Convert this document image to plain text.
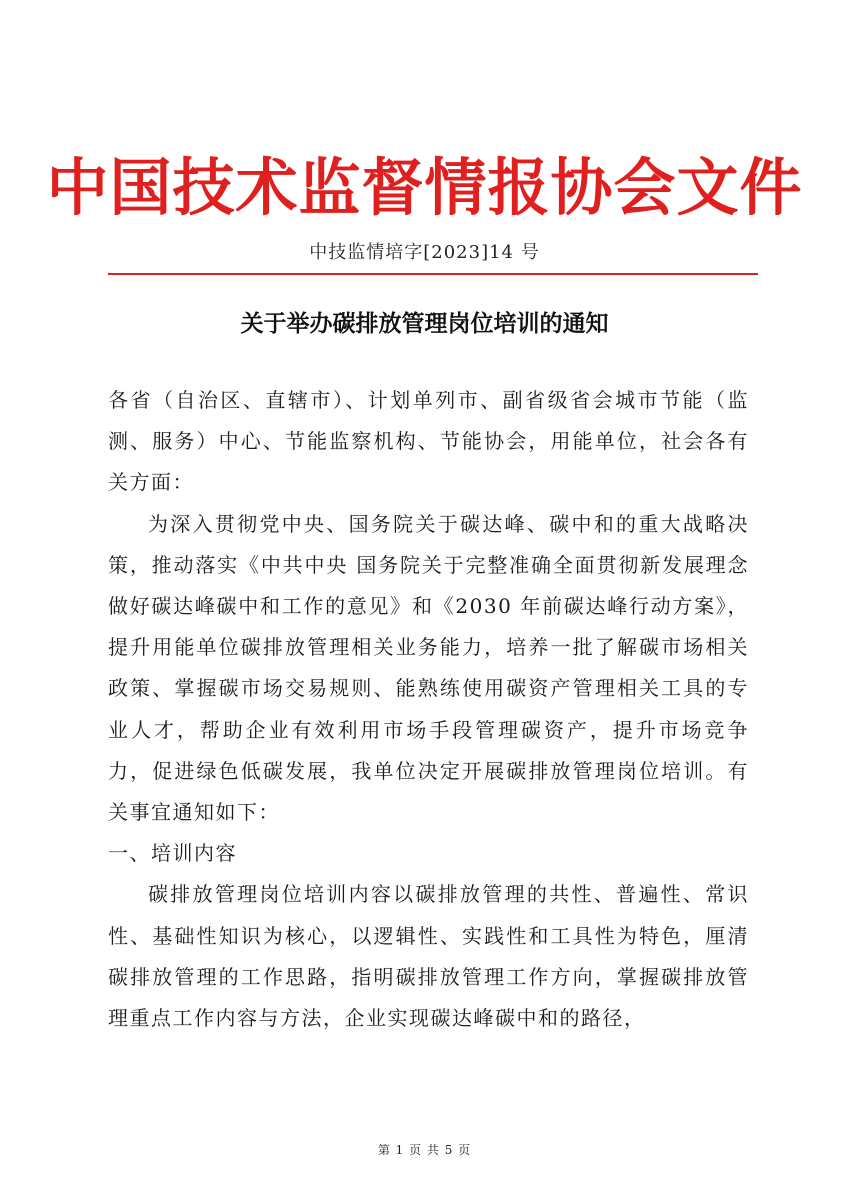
中国技术监督情报协会文件
中技监情培字[2023]14 号
关于举办碳排放管理岗位培训的通知

各省（自治区、直辖市）、计划单列市、副省级省会城市节能（监测、服务）中心、节能监察机构、节能协会，用能单位，社会各有关方面：

为深入贯彻党中央、国务院关于碳达峰、碳中和的重大战略决策，推动落实《中共中央 国务院关于完整准确全面贯彻新发展理念做好碳达峰碳中和工作的意见》和《2030 年前碳达峰行动方案》，提升用能单位碳排放管理相关业务能力，培养一批了解碳市场相关政策、掌握碳市场交易规则、能熟练使用碳资产管理相关工具的专业人才，帮助企业有效利用市场手段管理碳资产，提升市场竞争力，促进绿色低碳发展，我单位决定开展碳排放管理岗位培训。有关事宜通知如下：

一、培训内容

碳排放管理岗位培训内容以碳排放管理的共性、普遍性、常识性、基础性知识为核心，以逻辑性、实践性和工具性为特色，厘清碳排放管理的工作思路，指明碳排放管理工作方向，掌握碳排放管理重点工作内容与方法，企业实现碳达峰碳中和的路径，

第 1 页 共 5 页
